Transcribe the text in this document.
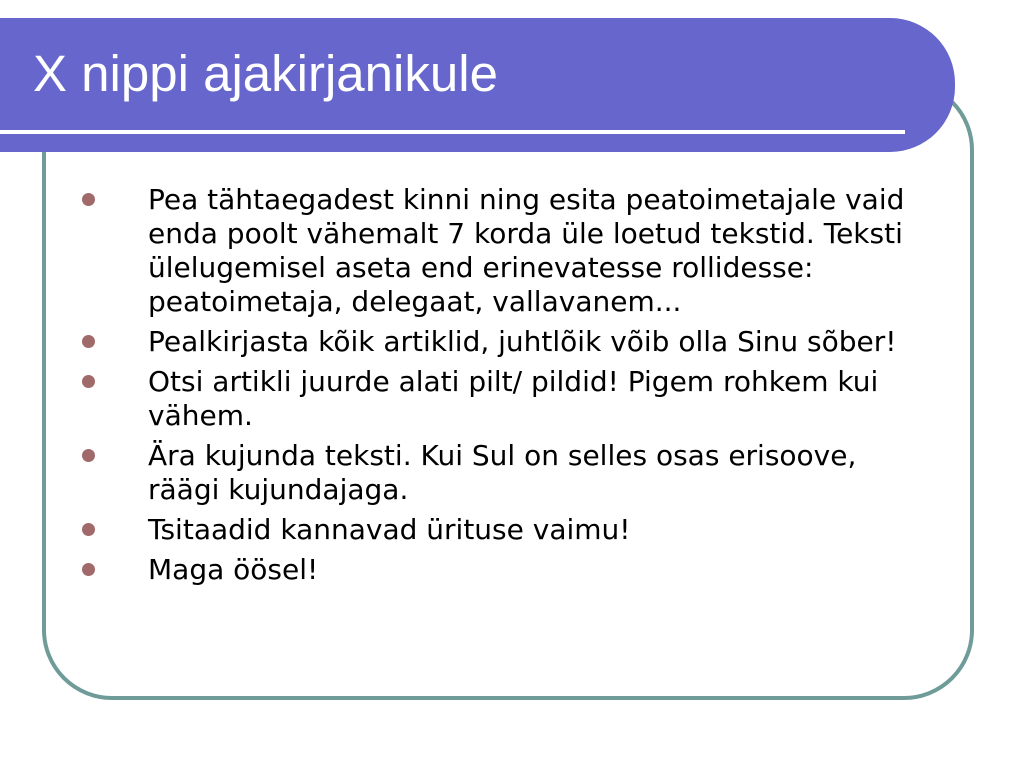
X nippi ajakirjanikule
Pea tähtaegadest kinni ning esita peatoimetajale vaid enda poolt vähemalt 7 korda üle loetud tekstid. Teksti ülelugemisel aseta end erinevatesse rollidesse: peatoimetaja, delegaat, vallavanem...
Pealkirjasta kõik artiklid, juhtlõik võib olla Sinu sõber!
Otsi artikli juurde alati pilt/ pildid! Pigem rohkem kui vähem.
Ära kujunda teksti. Kui Sul on selles osas erisoove, räägi kujundajaga.
Tsitaadid kannavad ürituse vaimu!
Maga öösel!
